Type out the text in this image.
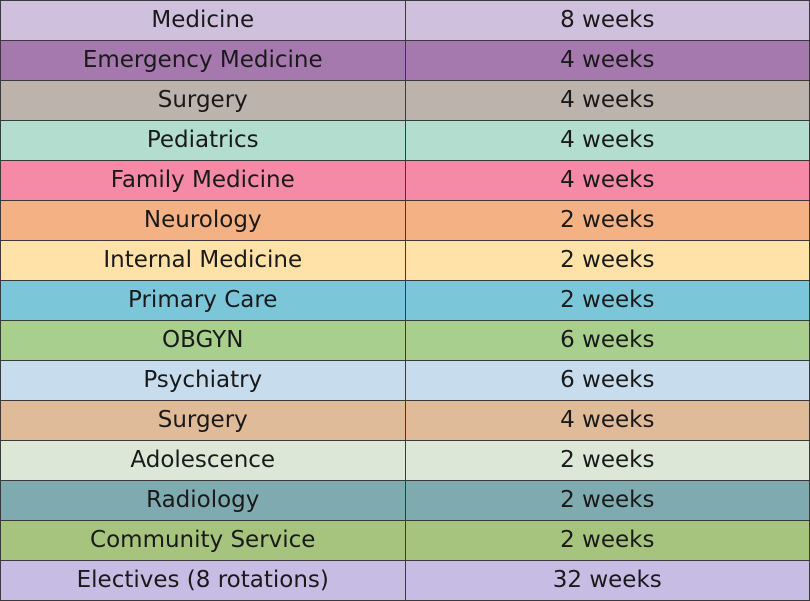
Medicine	8 weeks
Emergency Medicine	4 weeks
Surgery	4 weeks
Pediatrics	4 weeks
Family Medicine	4 weeks
Neurology	2 weeks
Internal Medicine	2 weeks
Primary Care	2 weeks
OBGYN	6 weeks
Psychiatry	6 weeks
Surgery	4 weeks
Adolescence	2 weeks
Radiology	2 weeks
Community Service	2 weeks
Electives (8 rotations)	32 weeks
